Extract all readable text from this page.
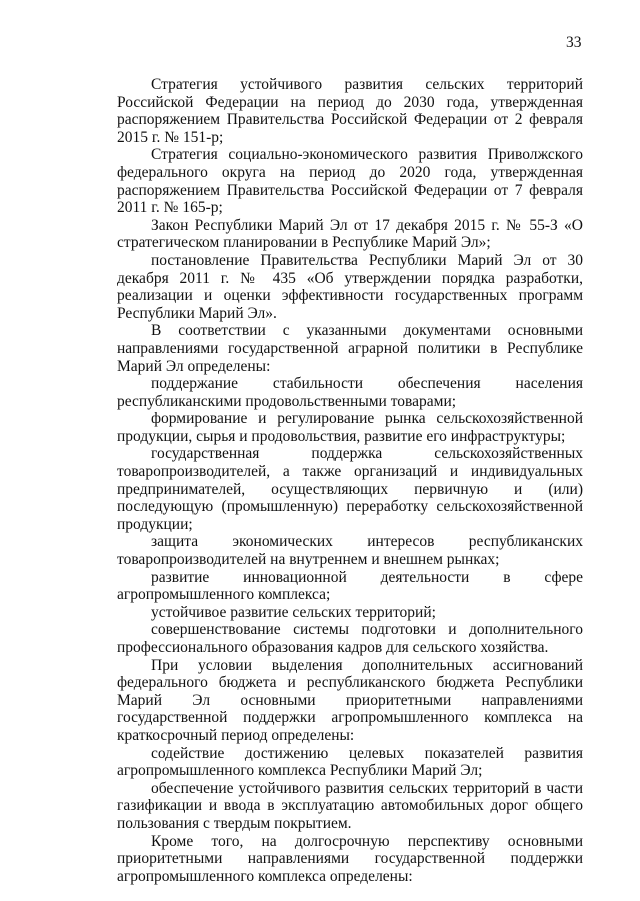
33

Стратегия устойчивого развития сельских территорий Российской Федерации на период до 2030 года, утвержденная распоряжением Правительства Российской Федерации от 2 февраля 2015 г. № 151-р;

Стратегия социально-экономического развития Приволжского федерального округа на период до 2020 года, утвержденная распоряжением Правительства Российской Федерации от 7 февраля 2011 г. № 165-р;

Закон Республики Марий Эл от 17 декабря 2015 г. № 55-З «О стратегическом планировании в Республике Марий Эл»;

постановление Правительства Республики Марий Эл от 30 декабря 2011 г. № 435 «Об утверждении порядка разработки, реализации и оценки эффективности государственных программ Республики Марий Эл».

В соответствии с указанными документами основными направлениями государственной аграрной политики в Республике Марий Эл определены:

поддержание стабильности обеспечения населения республиканскими продовольственными товарами;

формирование и регулирование рынка сельскохозяйственной продукции, сырья и продовольствия, развитие его инфраструктуры;

государственная поддержка сельскохозяйственных товаропроизводителей, а также организаций и индивидуальных предпринимателей, осуществляющих первичную и (или) последующую (промышленную) переработку сельскохозяйственной продукции;

защита экономических интересов республиканских товаропроизводителей на внутреннем и внешнем рынках;

развитие инновационной деятельности в сфере агропромышленного комплекса;

устойчивое развитие сельских территорий;

совершенствование системы подготовки и дополнительного профессионального образования кадров для сельского хозяйства.

При условии выделения дополнительных ассигнований федерального бюджета и республиканского бюджета Республики Марий Эл основными приоритетными направлениями государственной поддержки агропромышленного комплекса на краткосрочный период определены:

содействие достижению целевых показателей развития агропромышленного комплекса Республики Марий Эл;

обеспечение устойчивого развития сельских территорий в части газификации и ввода в эксплуатацию автомобильных дорог общего пользования с твердым покрытием.

Кроме того, на долгосрочную перспективу основными приоритетными направлениями государственной поддержки агропромышленного комплекса определены:
